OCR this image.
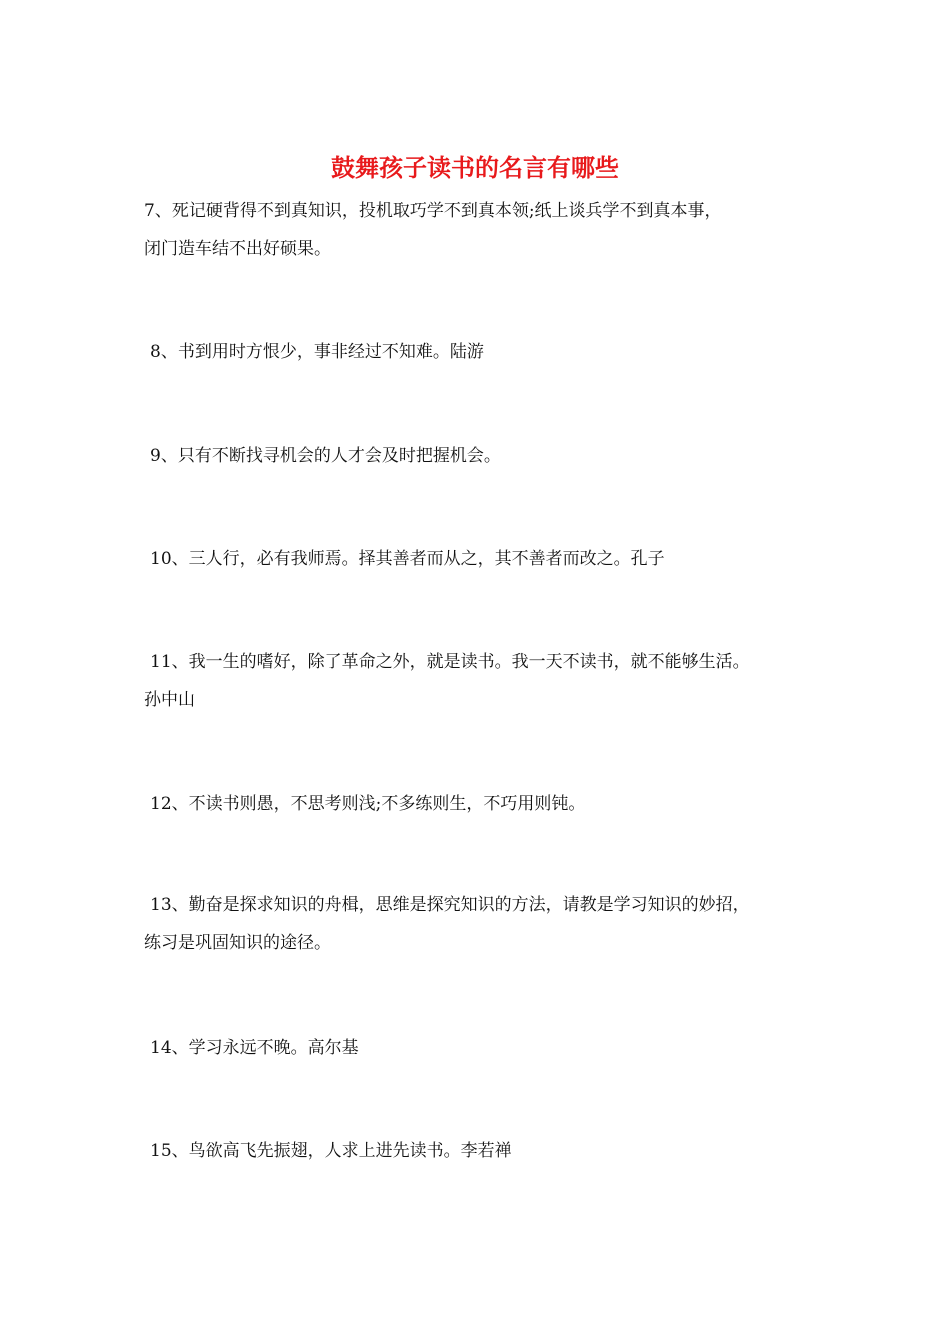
鼓舞孩子读书的名言有哪些

7、死记硬背得不到真知识，投机取巧学不到真本领;纸上谈兵学不到真本事，
闭门造车结不出好硕果。

8、书到用时方恨少，事非经过不知难。陆游

9、只有不断找寻机会的人才会及时把握机会。

10、三人行，必有我师焉。择其善者而从之，其不善者而改之。孔子

11、我一生的嗜好，除了革命之外，就是读书。我一天不读书，就不能够生活。
孙中山

12、不读书则愚，不思考则浅;不多练则生，不巧用则钝。

13、勤奋是探求知识的舟楫，思维是探究知识的方法，请教是学习知识的妙招，
练习是巩固知识的途径。

14、学习永远不晚。高尔基

15、鸟欲高飞先振翅，人求上进先读书。李若禅
